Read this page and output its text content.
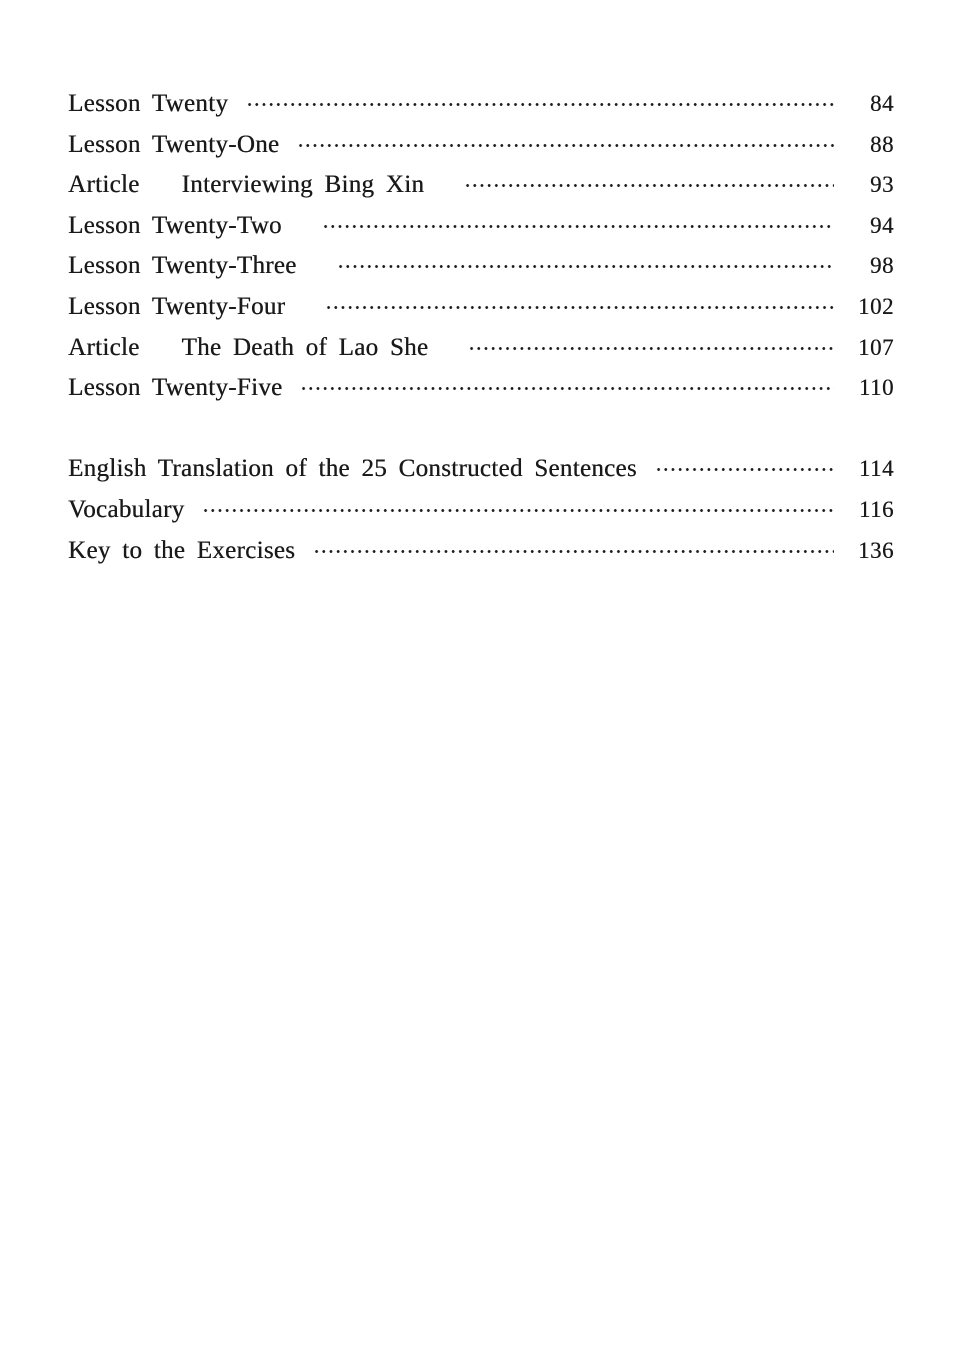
Lesson Twenty	84
Lesson Twenty-One	88
Article Interviewing Bing Xin	93
Lesson Twenty-Two	94
Lesson Twenty-Three	98
Lesson Twenty-Four	102
Article The Death of Lao She	107
Lesson Twenty-Five	110
English Translation of the 25 Constructed Sentences	114
Vocabulary	116
Key to the Exercises	136
